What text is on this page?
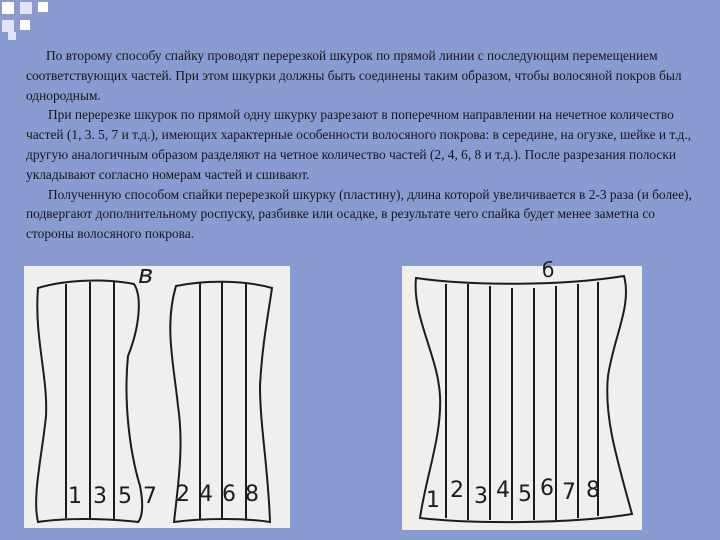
По второму способу спайку проводят перерезкой шкурок по прямой линии с последующим перемещением соответствующих частей. При этом шкурки должны быть соединены таким образом, чтобы волосяной покров был однородным.

При перерезке шкурок по прямой одну шкурку разрезают в поперечном направлении на нечетное количество частей (1, 3. 5, 7 и т.д.), имеющих характерные особенности волосяного покрова: в середине, на огузке, шейке и т.д., другую аналогичным образом разделяют на четное количество частей (2, 4, 6, 8 и т.д.). После разрезания полоски укладывают согласно номерам частей и сшивают.

Полученную способом спайки перерезкой шкурку (пластину), длина которой увеличивается в 2-3 раза (и более), подвергают дополнительному роспуску, разбивке или осадке, в результате чего спайка будет менее заметна со стороны волосяного покрова.

в
1 3 5 7 2 4 6 8
б
1 2 3 4 5 6 7 8
